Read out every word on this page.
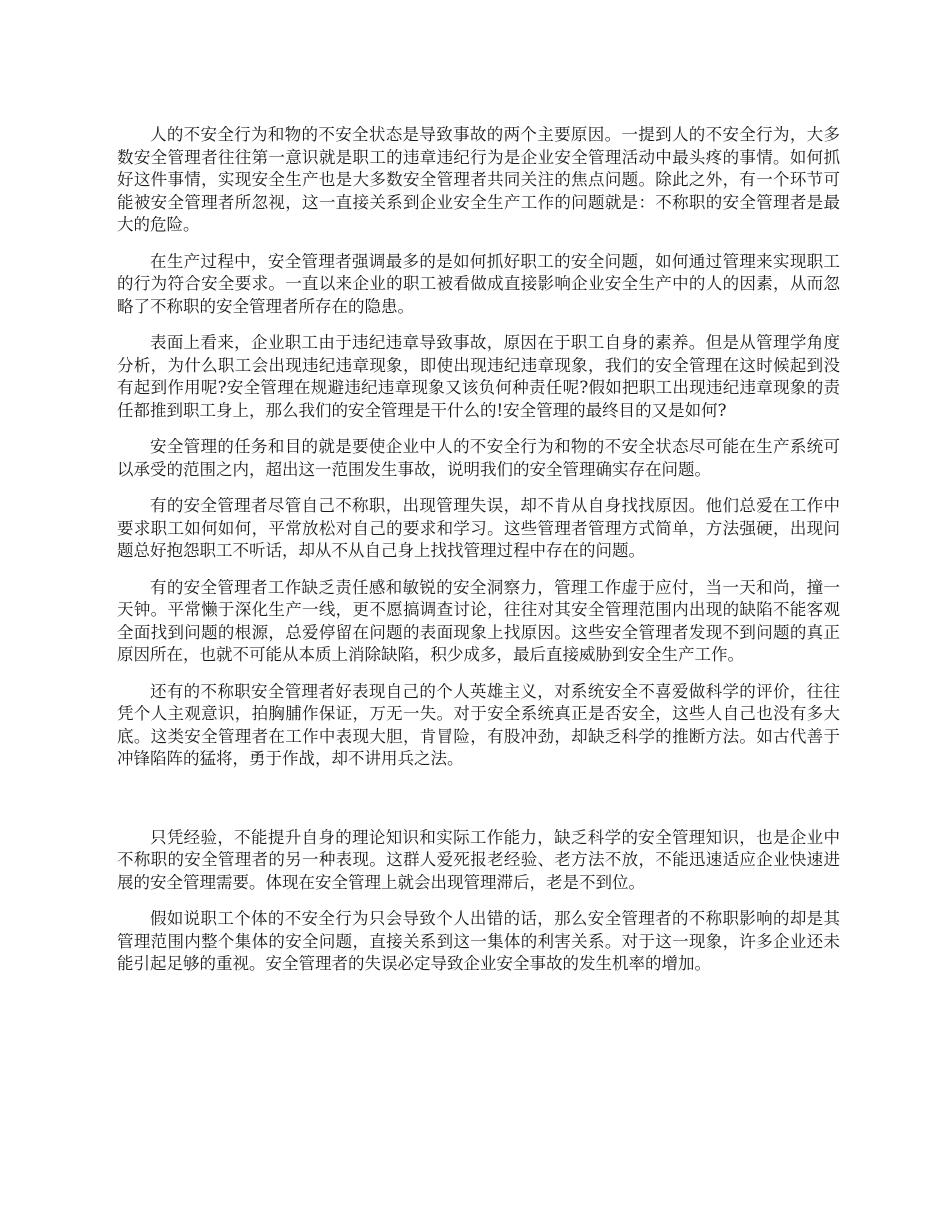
人的不安全行为和物的不安全状态是导致事故的两个主要原因。一提到人的不安全行为，大多数安全管理者往往第一意识就是职工的违章违纪行为是企业安全管理活动中最头疼的事情。如何抓好这件事情，实现安全生产也是大多数安全管理者共同关注的焦点问题。除此之外，有一个环节可能被安全管理者所忽视，这一直接关系到企业安全生产工作的问题就是：不称职的安全管理者是最大的危险。

在生产过程中，安全管理者强调最多的是如何抓好职工的安全问题，如何通过管理来实现职工的行为符合安全要求。一直以来企业的职工被看做成直接影响企业安全生产中的人的因素，从而忽略了不称职的安全管理者所存在的隐患。

表面上看来，企业职工由于违纪违章导致事故，原因在于职工自身的素养。但是从管理学角度分析，为什么职工会出现违纪违章现象，即使出现违纪违章现象，我们的安全管理在这时候起到没有起到作用呢?安全管理在规避违纪违章现象又该负何种责任呢?假如把职工出现违纪违章现象的责任都推到职工身上，那么我们的安全管理是干什么的!安全管理的最终目的又是如何?

安全管理的任务和目的就是要使企业中人的不安全行为和物的不安全状态尽可能在生产系统可以承受的范围之内，超出这一范围发生事故，说明我们的安全管理确实存在问题。

有的安全管理者尽管自己不称职，出现管理失误，却不肯从自身找找原因。他们总爱在工作中要求职工如何如何，平常放松对自己的要求和学习。这些管理者管理方式简单，方法强硬，出现问题总好抱怨职工不听话，却从不从自己身上找找管理过程中存在的问题。

有的安全管理者工作缺乏责任感和敏锐的安全洞察力，管理工作虚于应付，当一天和尚，撞一天钟。平常懒于深化生产一线，更不愿搞调查讨论，往往对其安全管理范围内出现的缺陷不能客观全面找到问题的根源，总爱停留在问题的表面现象上找原因。这些安全管理者发现不到问题的真正原因所在，也就不可能从本质上消除缺陷，积少成多，最后直接威胁到安全生产工作。

还有的不称职安全管理者好表现自己的个人英雄主义，对系统安全不喜爱做科学的评价，往往凭个人主观意识，拍胸脯作保证，万无一失。对于安全系统真正是否安全，这些人自己也没有多大底。这类安全管理者在工作中表现大胆，肯冒险，有股冲劲，却缺乏科学的推断方法。如古代善于冲锋陷阵的猛将，勇于作战，却不讲用兵之法。

只凭经验，不能提升自身的理论知识和实际工作能力，缺乏科学的安全管理知识，也是企业中不称职的安全管理者的另一种表现。这群人爱死报老经验、老方法不放，不能迅速适应企业快速进展的安全管理需要。体现在安全管理上就会出现管理滞后，老是不到位。

假如说职工个体的不安全行为只会导致个人出错的话，那么安全管理者的不称职影响的却是其管理范围内整个集体的安全问题，直接关系到这一集体的利害关系。对于这一现象，许多企业还未能引起足够的重视。安全管理者的失误必定导致企业安全事故的发生机率的增加。
